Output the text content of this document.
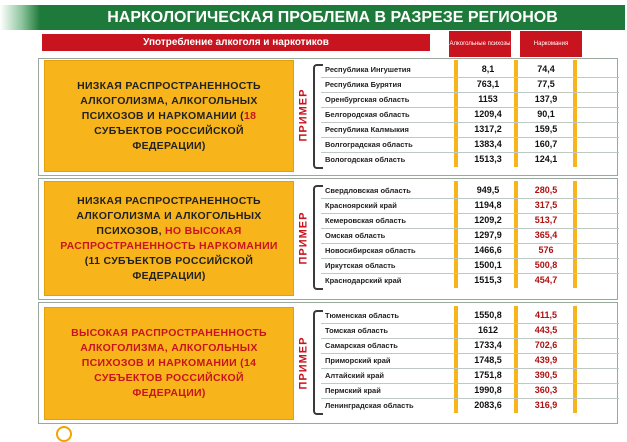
НАРКОЛОГИЧЕСКАЯ ПРОБЛЕМА В РАЗРЕЗЕ РЕГИОНОВ
Употребление алкоголя и наркотиков	Алкогольные психозы	Наркомания
НИЗКАЯ РАСПРОСТРАНЕННОСТЬ АЛКОГОЛИЗМА, АЛКОГОЛЬНЫХ ПСИХОЗОВ И НАРКОМАНИИ (18 СУБЪЕКТОВ РОССИЙСКОЙ ФЕДЕРАЦИИ)
ПРИМЕР
Республика Ингушетия	8,1	74,4
Республика Бурятия	763,1	77,5
Оренбургская область	1153	137,9
Белгородская область	1209,4	90,1
Республика Калмыкия	1317,2	159,5
Волгоградская область	1383,4	160,7
Вологодская область	1513,3	124,1
НИЗКАЯ РАСПРОСТРАНЕННОСТЬ АЛКОГОЛИЗМА И АЛКОГОЛЬНЫХ ПСИХОЗОВ, НО ВЫСОКАЯ РАСПРОСТРАНЕННОСТЬ НАРКОМАНИИ (11 СУБЪЕКТОВ РОССИЙСКОЙ ФЕДЕРАЦИИ)
ПРИМЕР
Свердловская область	949,5	280,5
Красноярский край	1194,8	317,5
Кемеровская область	1209,2	513,7
Омская область	1297,9	365,4
Новосибирская область	1466,6	576
Иркутская область	1500,1	500,8
Краснодарский край	1515,3	454,7
ВЫСОКАЯ РАСПРОСТРАНЕННОСТЬ АЛКОГОЛИЗМА, АЛКОГОЛЬНЫХ ПСИХОЗОВ И НАРКОМАНИИ (14 СУБЪЕКТОВ РОССИЙСКОЙ ФЕДЕРАЦИИ)
ПРИМЕР
Тюменская область	1550,8	411,5
Томская область	1612	443,5
Самарская область	1733,4	702,6
Приморский край	1748,5	439,9
Алтайский край	1751,8	390,5
Пермский край	1990,8	360,3
Ленинградская область	2083,6	316,9
